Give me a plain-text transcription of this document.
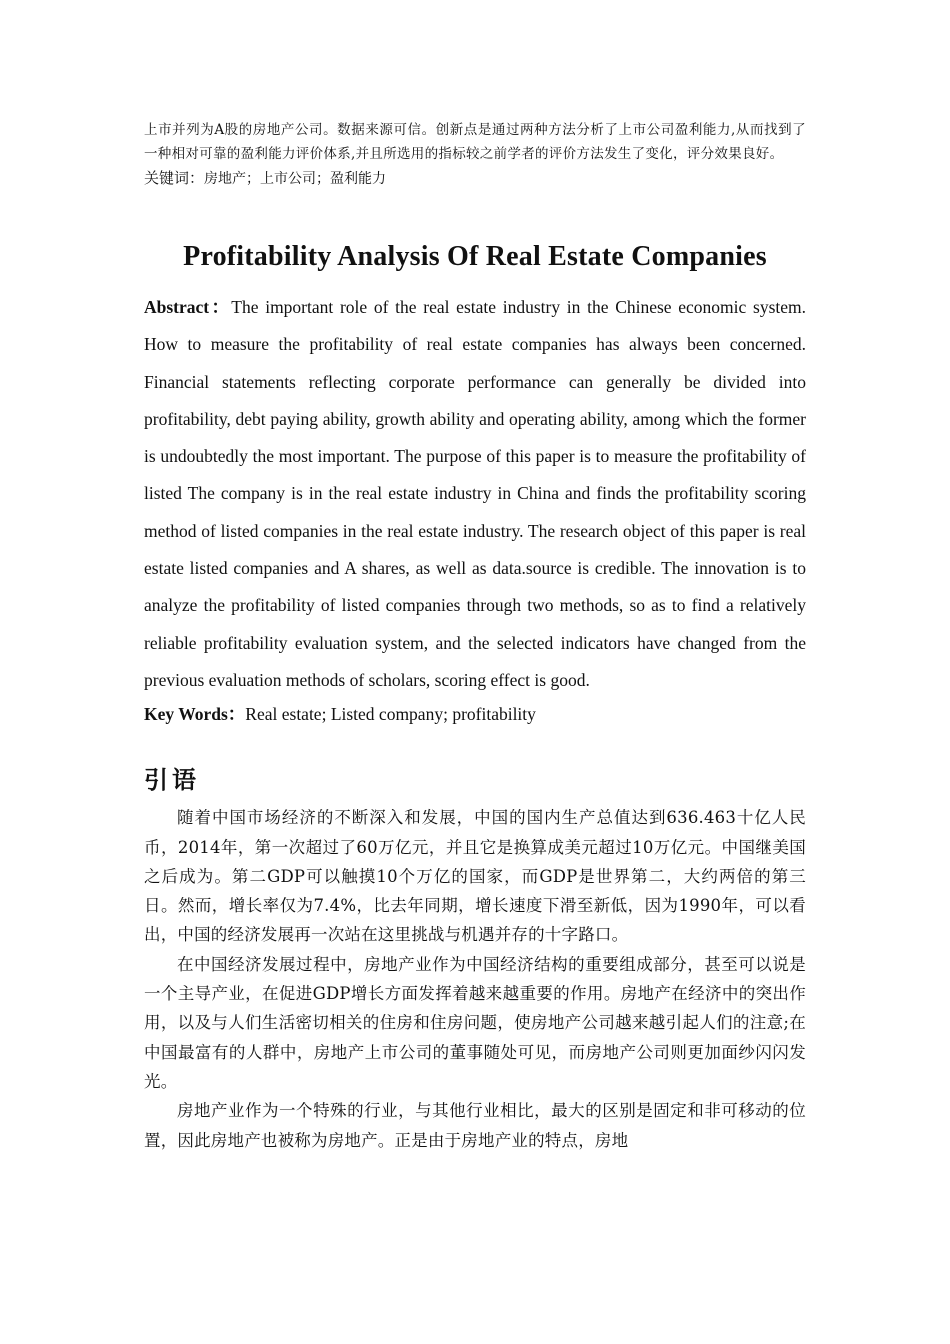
上市并列为A股的房地产公司。数据来源可信。创新点是通过两种方法分析了上市公司盈利能力,从而找到了一种相对可靠的盈利能力评价体系,并且所选用的指标较之前学者的评价方法发生了变化，评分效果良好。

关键词：房地产；上市公司；盈利能力

Profitability Analysis Of Real Estate Companies

Abstract：The important role of the real estate industry in the Chinese economic system. How to measure the profitability of real estate companies has always been concerned. Financial statements reflecting corporate performance can generally be divided into profitability, debt paying ability, growth ability and operating ability, among which the former is undoubtedly the most important. The purpose of this paper is to measure the profitability of listed The company is in the real estate industry in China and finds the profitability scoring method of listed companies in the real estate industry. The research object of this paper is real estate listed companies and A shares, as well as data.source is credible. The innovation is to analyze the profitability of listed companies through two methods, so as to find a relatively reliable profitability evaluation system, and the selected indicators have changed from the previous evaluation methods of scholars, scoring effect is good.

Key Words：Real estate; Listed company; profitability

引语

随着中国市场经济的不断深入和发展，中国的国内生产总值达到636.463十亿人民币，2014年，第一次超过了60万亿元，并且它是换算成美元超过10万亿元。中国继美国之后成为。第二GDP可以触摸10个万亿的国家，而GDP是世界第二，大约两倍的第三日。然而，增长率仅为7.4%，比去年同期，增长速度下滑至新低，因为1990年，可以看出，中国的经济发展再一次站在这里挑战与机遇并存的十字路口。

在中国经济发展过程中，房地产业作为中国经济结构的重要组成部分，甚至可以说是一个主导产业，在促进GDP增长方面发挥着越来越重要的作用。房地产在经济中的突出作用，以及与人们生活密切相关的住房和住房问题，使房地产公司越来越引起人们的注意;在中国最富有的人群中，房地产上市公司的董事随处可见，而房地产公司则更加面纱闪闪发光。

房地产业作为一个特殊的行业，与其他行业相比，最大的区别是固定和非可移动的位置，因此房地产也被称为房地产。正是由于房地产业的特点，房地
